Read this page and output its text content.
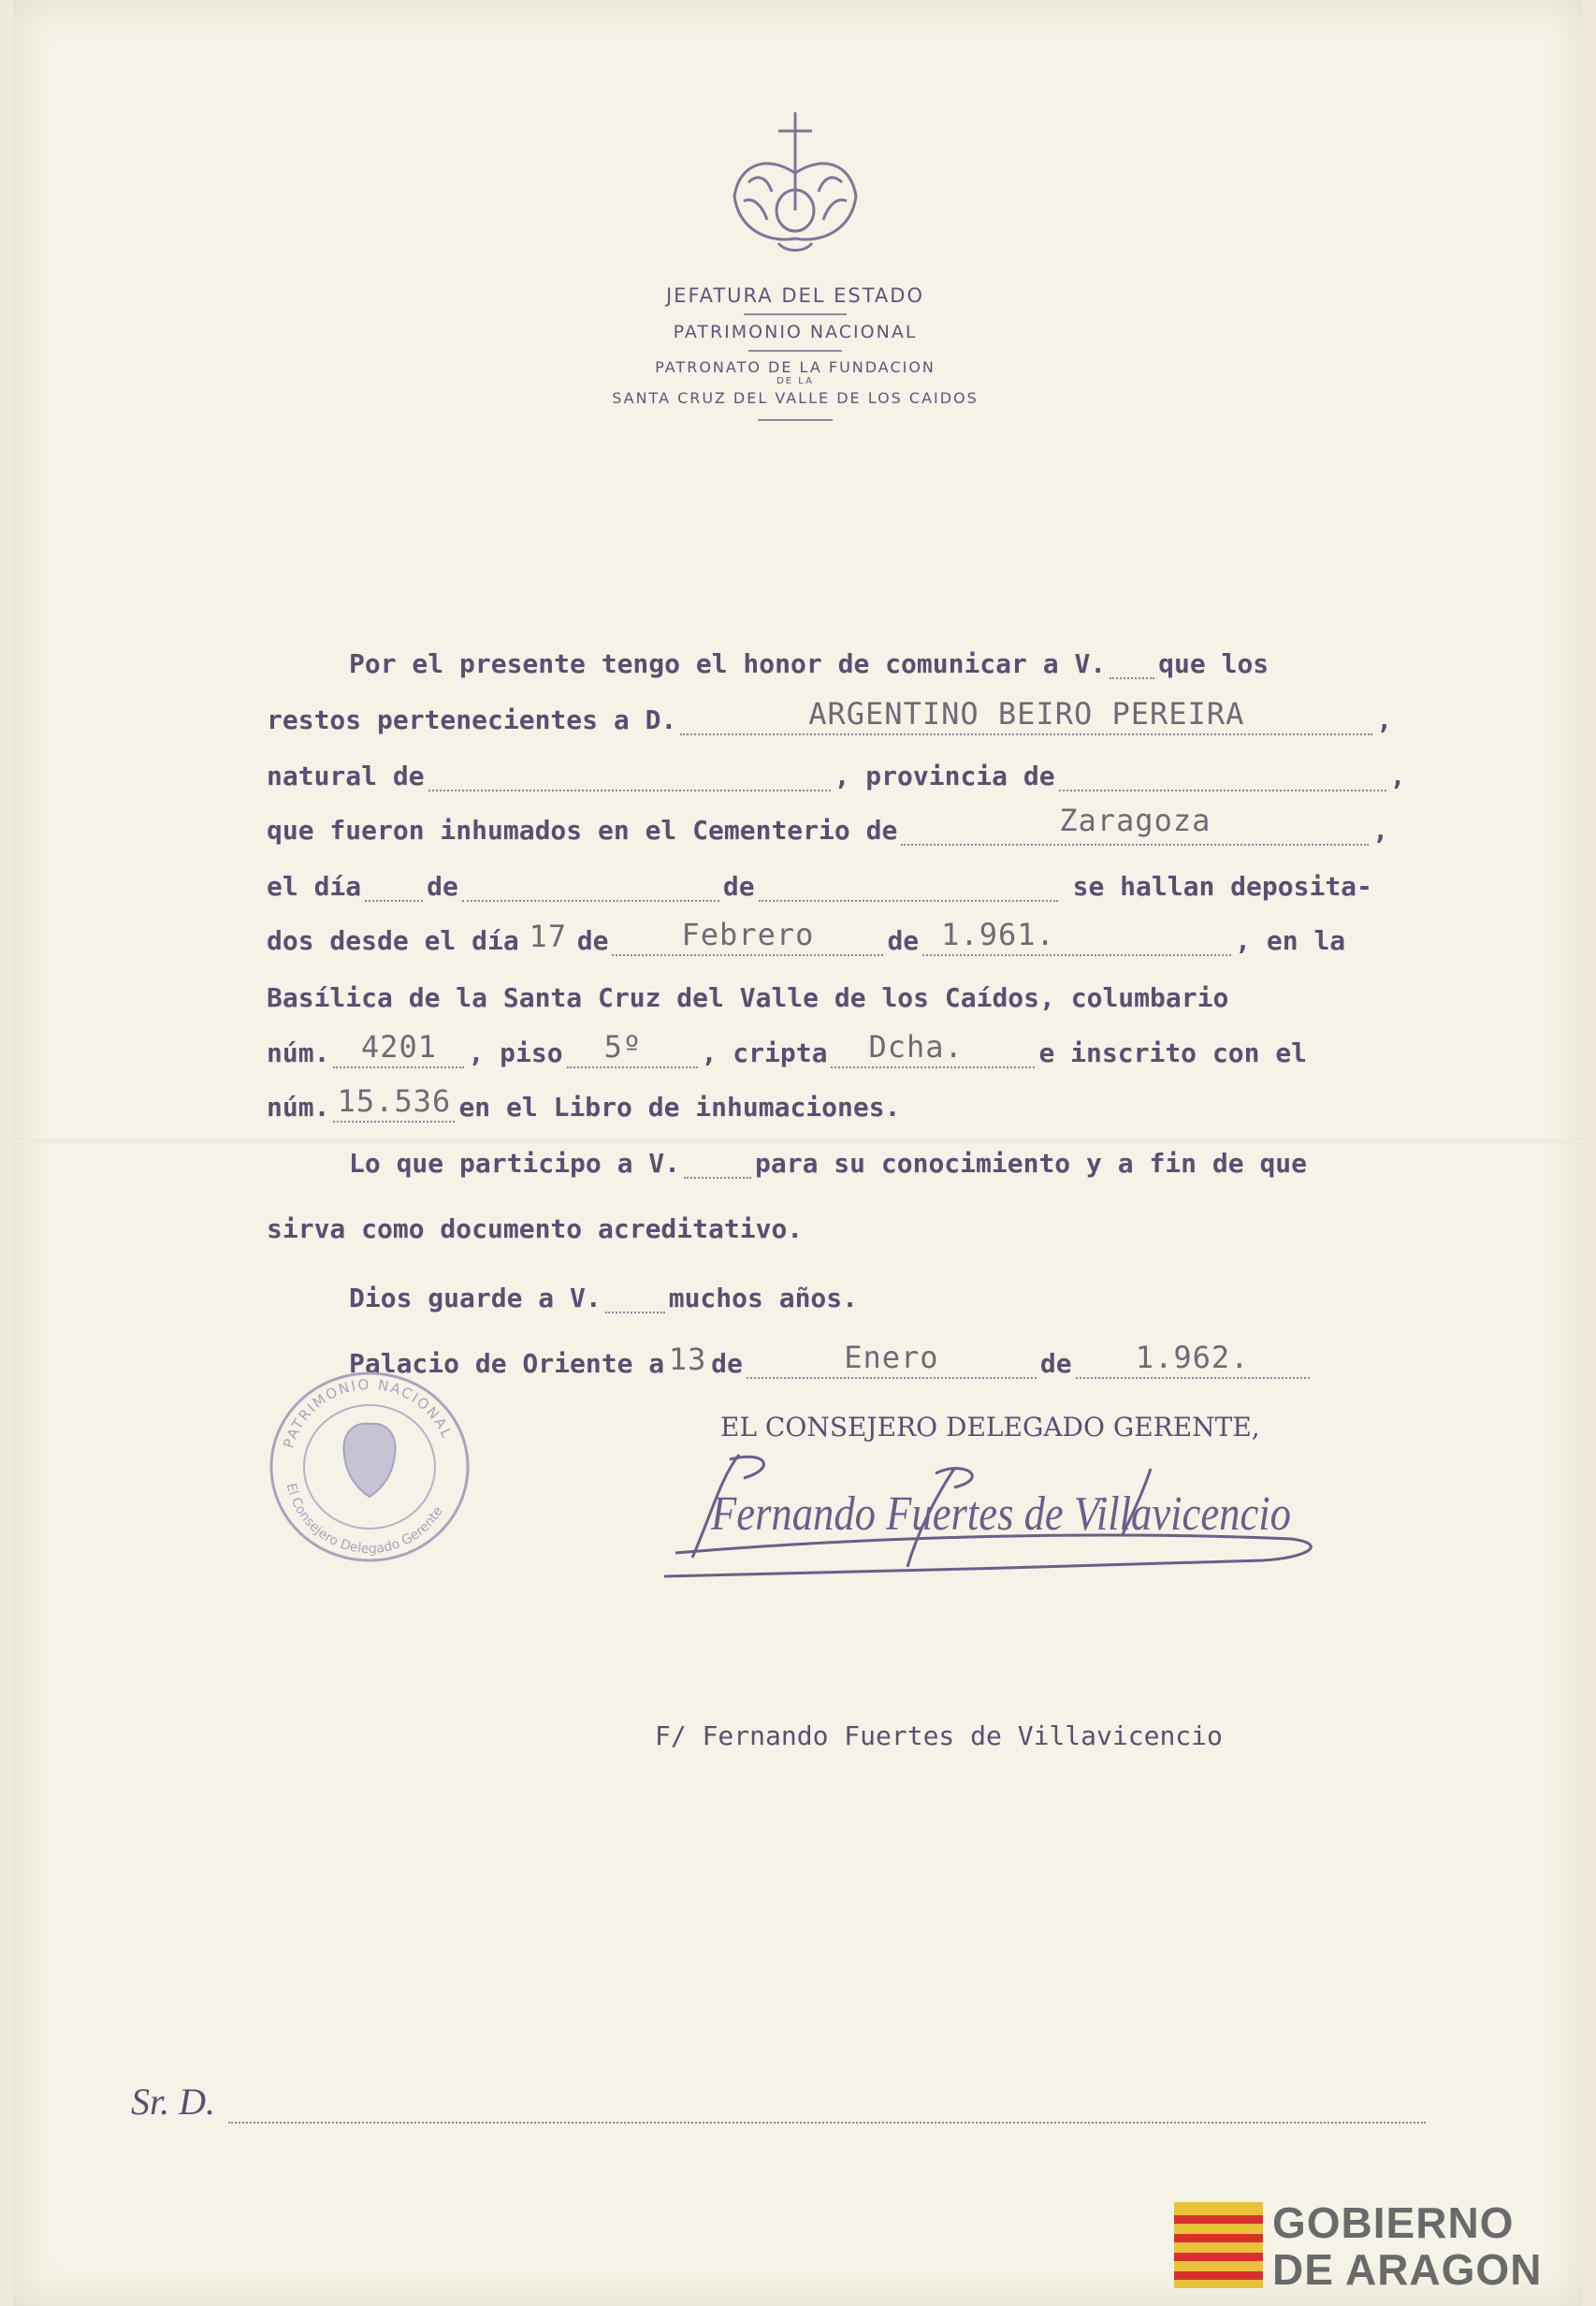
JEFATURA DEL ESTADO

PATRIMONIO NACIONAL

PATRONATO DE LA FUNDACION

DE LA

SANTA CRUZ DEL VALLE DE LOS CAIDOS

Por el presente tengo el honor de comunicar a V. que los
restos pertenecientes a D.	ARGENTINO BEIRO PEREIRA	,
natural de	, provincia de	,
que fueron inhumados en el Cementerio de	Zaragoza	,
el día	de	de	se hallan deposita-
dos desde el día 17 de	Febrero	de 1.961.	, en la
Basílica de la Santa Cruz del Valle de los Caídos, columbario
núm.	4201	, piso	5º	, cripta	Dcha.	e inscrito con el
núm. 15.536 en el Libro de inhumaciones.
Lo que participo a V.	para su conocimiento y a fin de que
sirva como documento acreditativo.
Dios guarde a V.	muchos años.
Palacio de Oriente a 13 de	Enero	de	1.962.
EL CONSEJERO DELEGADO GERENTE,
PATRIMONIO NACIONAL
El Consejero Delegado Gerente	Fernando Fuertes de Villavicencio
F/ Fernando Fuertes de Villavicencio
Sr. D.

GOBIERNO

DE ARAGON
